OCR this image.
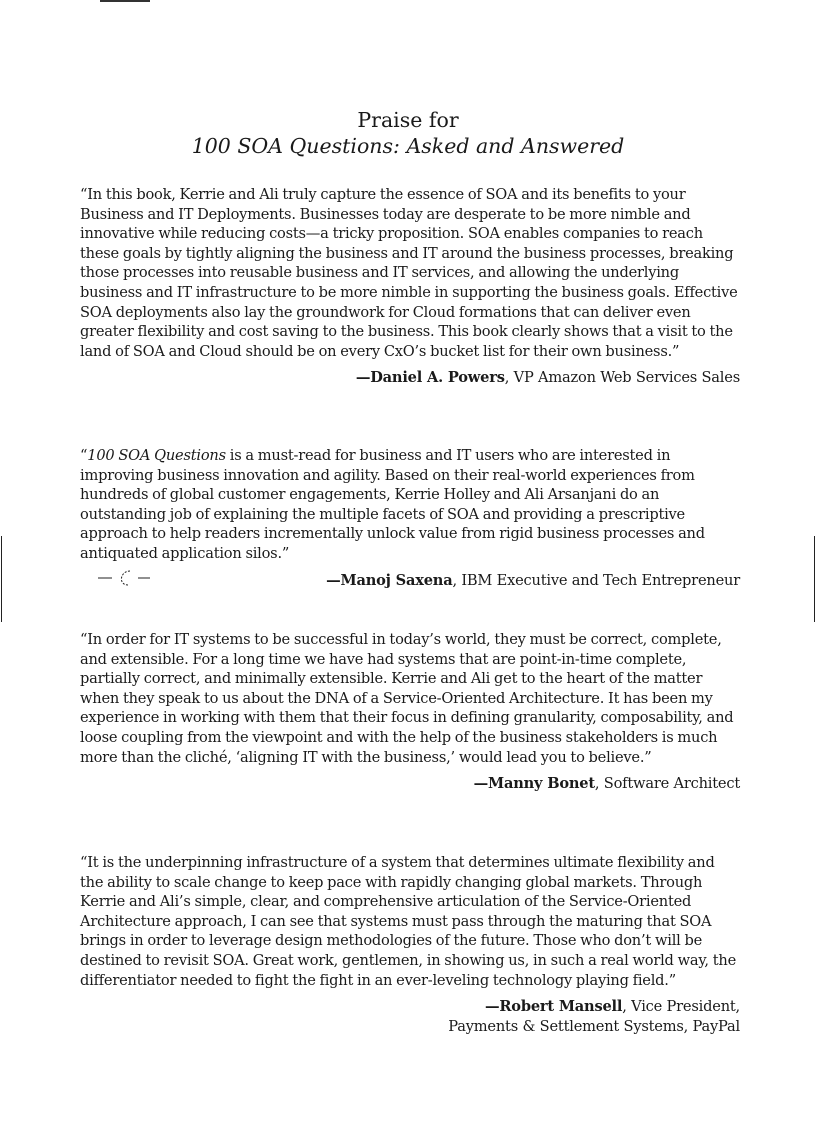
Praise for
100 SOA Questions: Asked and Answered

“In this book, Kerrie and Ali truly capture the essence of SOA and its benefits to your Business and IT Deployments. Businesses today are desperate to be more nimble and innovative while reducing costs—a tricky proposition. SOA enables companies to reach these goals by tightly aligning the business and IT around the business processes, breaking those processes into reusable business and IT services, and allowing the underlying business and IT infrastructure to be more nimble in supporting the business goals. Effective SOA deployments also lay the groundwork for Cloud formations that can deliver even greater flexibility and cost saving to the business. This book clearly shows that a visit to the land of SOA and Cloud should be on every CxO’s bucket list for their own business.”

—Daniel A. Powers, VP Amazon Web Services Sales

“100 SOA Questions is a must-read for business and IT users who are interested in improving business innovation and agility. Based on their real-world experiences from hundreds of global customer engagements, Kerrie Holley and Ali Arsanjani do an outstanding job of explaining the multiple facets of SOA and providing a prescriptive approach to help readers incrementally unlock value from rigid business processes and antiquated application silos.”

—Manoj Saxena, IBM Executive and Tech Entrepreneur

“In order for IT systems to be successful in today’s world, they must be correct, complete, and extensible. For a long time we have had systems that are point-in-time complete, partially correct, and minimally extensible. Kerrie and Ali get to the heart of the matter when they speak to us about the DNA of a Service-Oriented Architecture. It has been my experience in working with them that their focus in defining granularity, composability, and loose coupling from the viewpoint and with the help of the business stakeholders is much more than the cliché, ‘aligning IT with the business,’ would lead you to believe.”

—Manny Bonet, Software Architect

“It is the underpinning infrastructure of a system that determines ultimate flexibility and the ability to scale change to keep pace with rapidly changing global markets. Through Kerrie and Ali’s simple, clear, and comprehensive articulation of the Service-Oriented Architecture approach, I can see that systems must pass through the maturing that SOA brings in order to leverage design methodologies of the future. Those who don’t will be destined to revisit SOA. Great work, gentlemen, in showing us, in such a real world way, the differentiator needed to fight the fight in an ever-leveling technology playing field.”

—Robert Mansell, Vice President,
Payments & Settlement Systems, PayPal
